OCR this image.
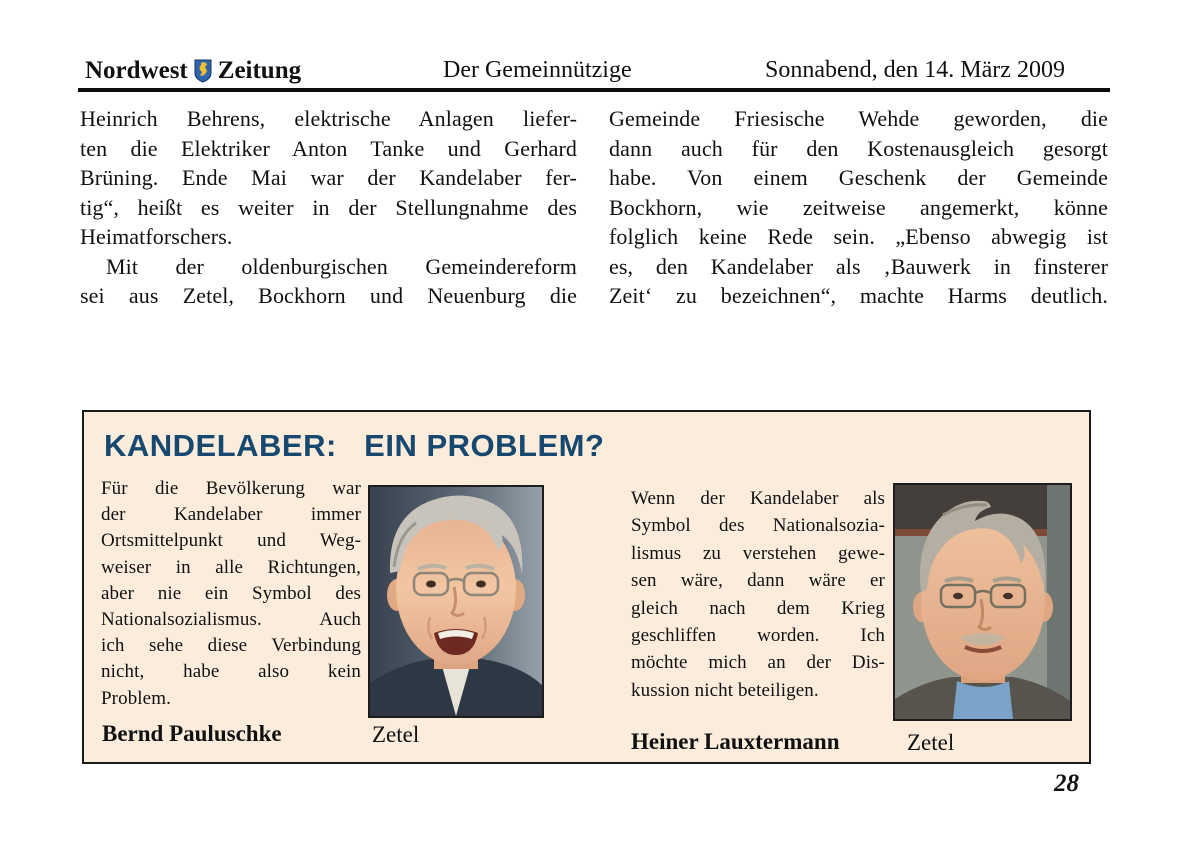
Nordwest Zeitung	Der Gemeinnützige	Sonnabend, den 14. März 2009
Heinrich Behrens, elektrische Anlagen liefer-
ten die Elektriker Anton Tanke und Gerhard
Brüning. Ende Mai war der Kandelaber fer-
tig“, heißt es weiter in der Stellungnahme des
Heimatforschers.
Mit der oldenburgischen Gemeindereform
sei aus Zetel, Bockhorn und Neuenburg die
Gemeinde Friesische Wehde geworden, die
dann auch für den Kostenausgleich gesorgt
habe. Von einem Geschenk der Gemeinde
Bockhorn, wie zeitweise angemerkt, könne
folglich keine Rede sein. „Ebenso abwegig ist
es, den Kandelaber als ‚Bauwerk in finsterer
Zeit‘ zu bezeichnen“, machte Harms deutlich.
KANDELABER:   EIN PROBLEM?
Für die Bevölkerung war
der Kandelaber immer
Ortsmittelpunkt und Weg-
weiser in alle Richtungen,
aber nie ein Symbol des
Nationalsozialismus. Auch
ich sehe diese Verbindung
nicht, habe also kein
Problem.
Bernd Pauluschke	Zetel
Wenn der Kandelaber als
Symbol des Nationalsozia-
lismus zu verstehen gewe-
sen wäre, dann wäre er
gleich nach dem Krieg
geschliffen worden. Ich
möchte mich an der Dis-
kussion nicht beteiligen.
Heiner Lauxtermann	Zetel
28
